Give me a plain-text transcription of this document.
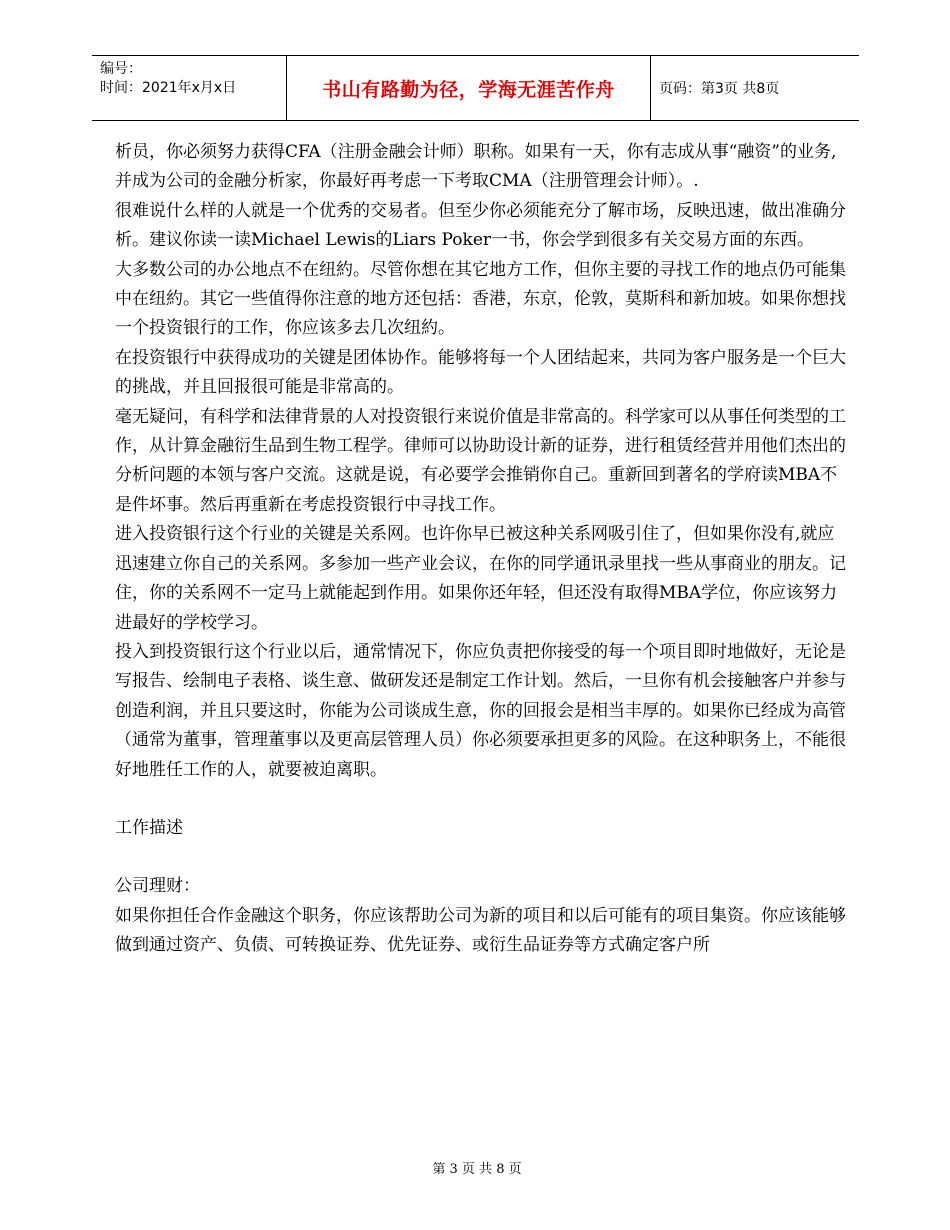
编号：
时间：2021年x月x日	书山有路勤为径，学海无涯苦作舟	页码：第3页 共8页

析员，你必须努力获得CFA（注册金融会计师）职称。如果有一天，你有志成从事“融资”的业务, 并成为公司的金融分析家，你最好再考虑一下考取CMA（注册管理会计师）。.

很难说什么样的人就是一个优秀的交易者。但至少你必须能充分了解市场，反映迅速，做出准确分析。建议你读一读Michael Lewis的Liars Poker一书，你会学到很多有关交易方面的东西。

大多数公司的办公地点不在纽約。尽管你想在其它地方工作，但你主要的寻找工作的地点仍可能集中在纽約。其它一些值得你注意的地方还包括：香港，东京，伦敦，莫斯科和新加坡。如果你想找一个投资银行的工作，你应该多去几次纽約。

在投资银行中获得成功的关键是团体协作。能够将每一个人团结起来，共同为客户服务是一个巨大的挑战，并且回报很可能是非常高的。

毫无疑问，有科学和法律背景的人对投资银行来说价值是非常高的。科学家可以从事任何类型的工作，从计算金融衍生品到生物工程学。律师可以协助设计新的证券，进行租赁经营并用他们杰出的分析问题的本领与客户交流。这就是说，有必要学会推销你自己。重新回到著名的学府读MBA不是件坏事。然后再重新在考虑投资银行中寻找工作。

进入投资银行这个行业的关键是关系网。也许你早已被这种关系网吸引住了，但如果你没有,就应迅速建立你自己的关系网。多参加一些产业会议，在你的同学通讯录里找一些从事商业的朋友。记住，你的关系网不一定马上就能起到作用。如果你还年轻，但还没有取得MBA学位，你应该努力进最好的学校学习。

投入到投资银行这个行业以后，通常情况下，你应负责把你接受的每一个项目即时地做好，无论是写报告、绘制电子表格、谈生意、做研发还是制定工作计划。然后，一旦你有机会接触客户并参与创造利润，并且只要这时，你能为公司谈成生意，你的回报会是相当丰厚的。如果你已经成为高管（通常为董事，管理董事以及更高层管理人员）你必须要承担更多的风险。在这种职务上，不能很好地胜任工作的人，就要被迫离职。

工作描述

公司理财：

如果你担任合作金融这个职务，你应该帮助公司为新的项目和以后可能有的项目集资。你应该能够做到通过资产、负债、可转换证券、优先证券、或衍生品证券等方式确定客户所

第 3 页 共 8 页
